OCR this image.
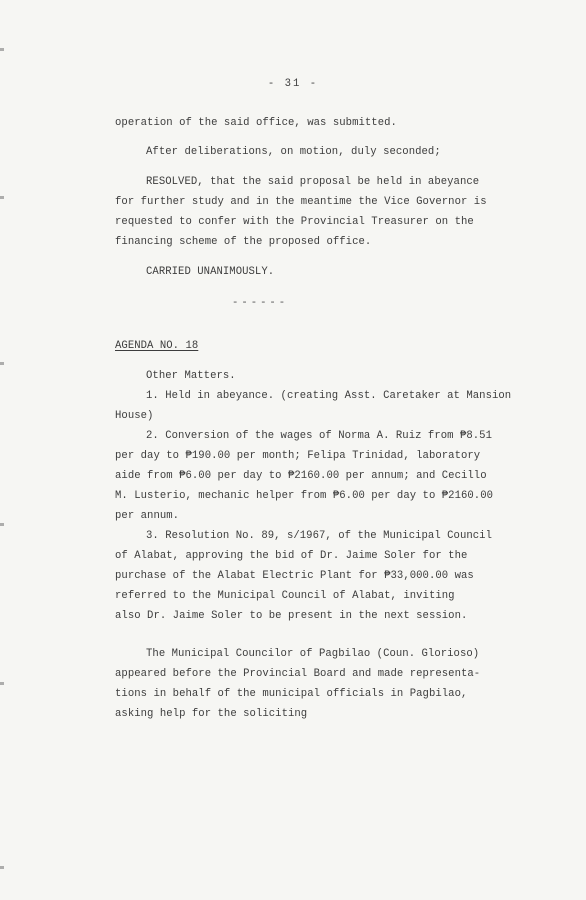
- 31 -
operation of the said office, was submitted.
After deliberations, on motion, duly seconded;
RESOLVED, that the said proposal be held in abeyance
for further study and in the meantime the Vice Governor is
requested to confer with the Provincial Treasurer on the
financing scheme of the proposed office.
CARRIED UNANIMOUSLY.
------
AGENDA NO. 18
Other Matters.
1. Held in abeyance. (creating Asst. Caretaker at Mansion
House)
2. Conversion of the wages of Norma A. Ruiz from ₱8.51
per day to ₱190.00 per month; Felipa Trinidad, laboratory
aide from ₱6.00 per day to ₱2160.00 per annum; and Cecillo
M. Lusterio, mechanic helper from ₱6.00 per day to ₱2160.00
per annum.
3. Resolution No. 89, s/1967, of the Municipal Council
of Alabat, approving the bid of Dr. Jaime Soler for the
purchase of the Alabat Electric Plant for ₱33,000.00 was
referred to the Municipal Council of Alabat, inviting
also Dr. Jaime Soler to be present in the next session.
The Municipal Councilor of Pagbilao (Coun. Glorioso)
appeared before the Provincial Board and made representa-
tions in behalf of the municipal officials in Pagbilao,
asking help for the soliciting
